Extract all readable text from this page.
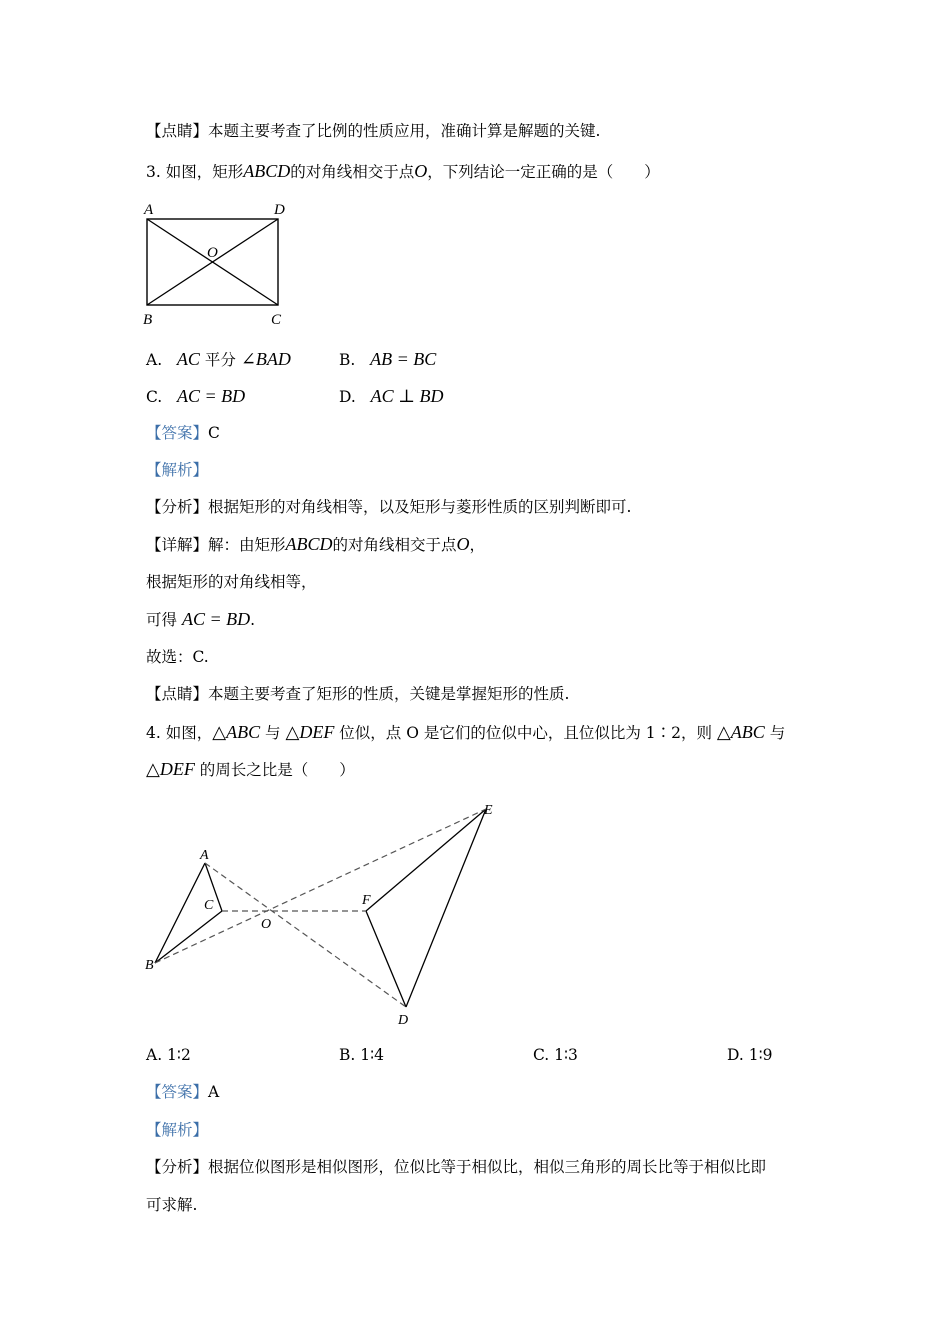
【点睛】本题主要考查了比例的性质应用，准确计算是解题的关键.
3. 如图，矩形ABCD的对角线相交于点O，下列结论一定正确的是（　　）
A	D
O
B	C
A. AC 平分 ∠BAD	B. AB = BC
C. AC = BD	D. AC ⊥ BD
【答案】C
【解析】
【分析】根据矩形的对角线相等，以及矩形与菱形性质的区别判断即可.
【详解】解：由矩形ABCD的对角线相交于点O，
根据矩形的对角线相等，
可得 AC = BD.
故选：C.
【点睛】本题主要考查了矩形的性质，关键是掌握矩形的性质.
4. 如图，△ABC 与 △DEF 位似，点 O 是它们的位似中心，且位似比为 1∶2，则 △ABC 与
△DEF 的周长之比是（　　）
A
B
C
O
F
E
D
A. 1∶2	B. 1∶4	C. 1∶3	D. 1∶9
【答案】A
【解析】
【分析】根据位似图形是相似图形，位似比等于相似比，相似三角形的周长比等于相似比即
可求解.
